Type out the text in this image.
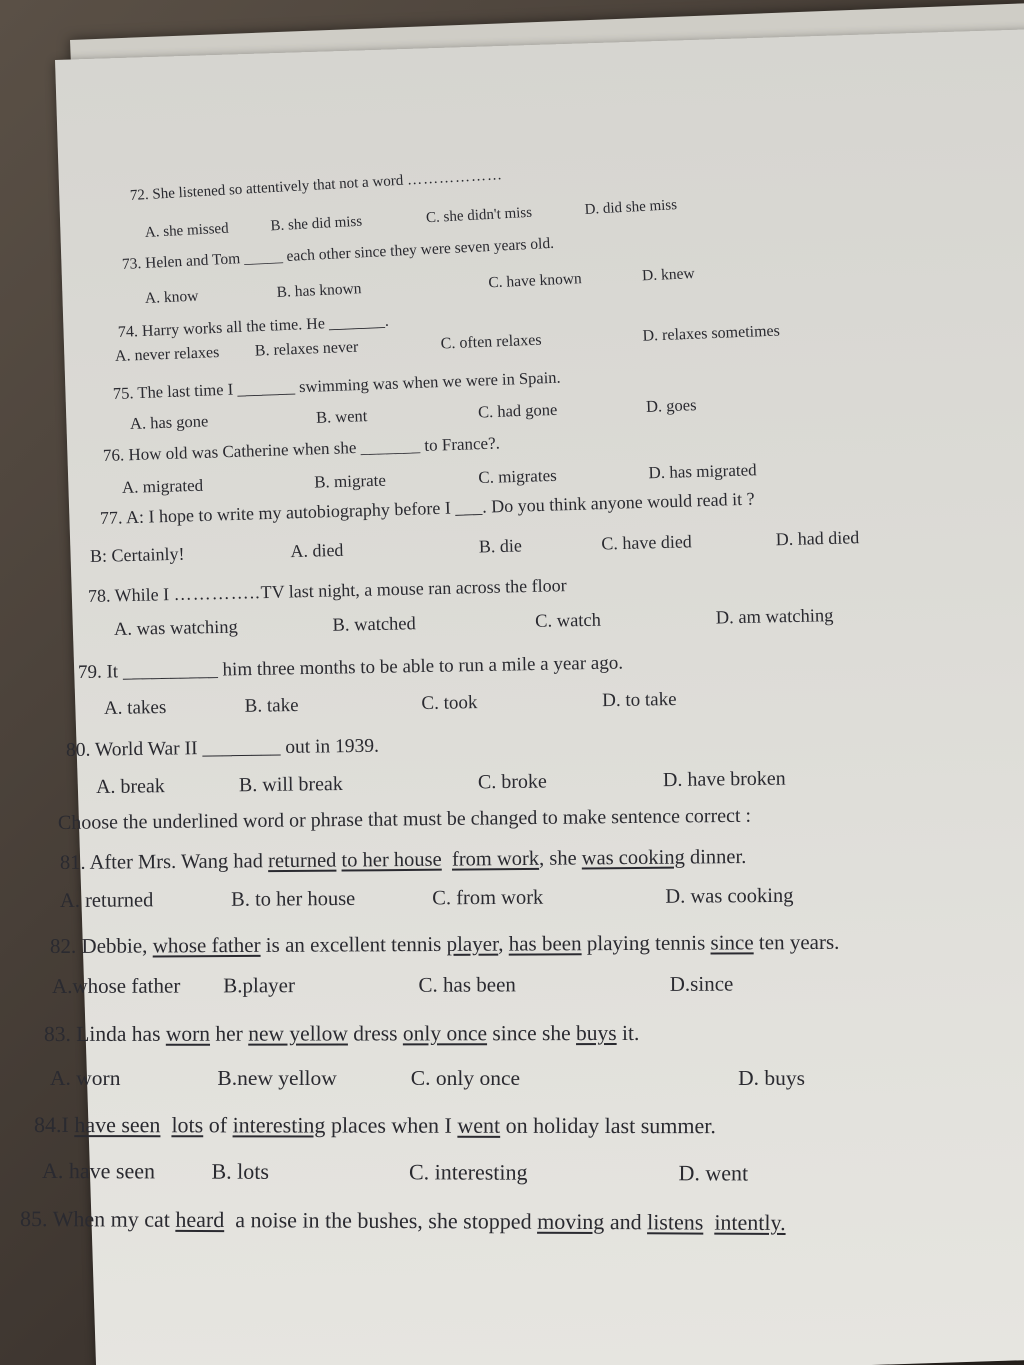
72. She listened so attentively that not a word ………………
A. she missed	B. she did miss	C. she didn't miss	D. did she miss
73. Helen and Tom _____ each other since they were seven years old.
A. know	B. has known	C. have known	D. knew
74. Harry works all the time. He _______.
A. never relaxes B. relaxes never	C. often relaxes	D. relaxes sometimes
75. The last time I _______ swimming was when we were in Spain.
A. has gone	B. went	C. had gone	D. goes
76. How old was Catherine when she _______ to France?.
A. migrated	B. migrate	C. migrates	D. has migrated
77. A: I hope to write my autobiography before I ___. Do you think anyone would read it ?
B: Certainly!	A. died	B. die	C. have died	D. had died
78. While I …………..TV last night, a mouse ran across the floor
A. was watching	B. watched	C. watch	D. am watching
79. It __________ him three months to be able to run a mile a year ago.
A. takes	B. take	C. took	D. to take
80. World War II ________ out in 1939.
A. break	B. will break	C. broke	D. have broken
Choose the underlined word or phrase that must be changed to make sentence correct :
81. After Mrs. Wang had returned to her house from work, she was cooking dinner.
A. returned	B. to her house	C. from work	D. was cooking
82. Debbie, whose father is an excellent tennis player, has been playing tennis since ten years.
A.whose father B.player	C. has been	D.since
83. Linda has worn her new yellow dress only once since she buys it.
A. worn	B.new yellow	C. only once	D. buys
84.I have seen lots of interesting places when I went on holiday last summer.
A. have seen	B. lots	C. interesting	D. went
85. When my cat heard  a noise in the bushes, she stopped moving and listens intently.
